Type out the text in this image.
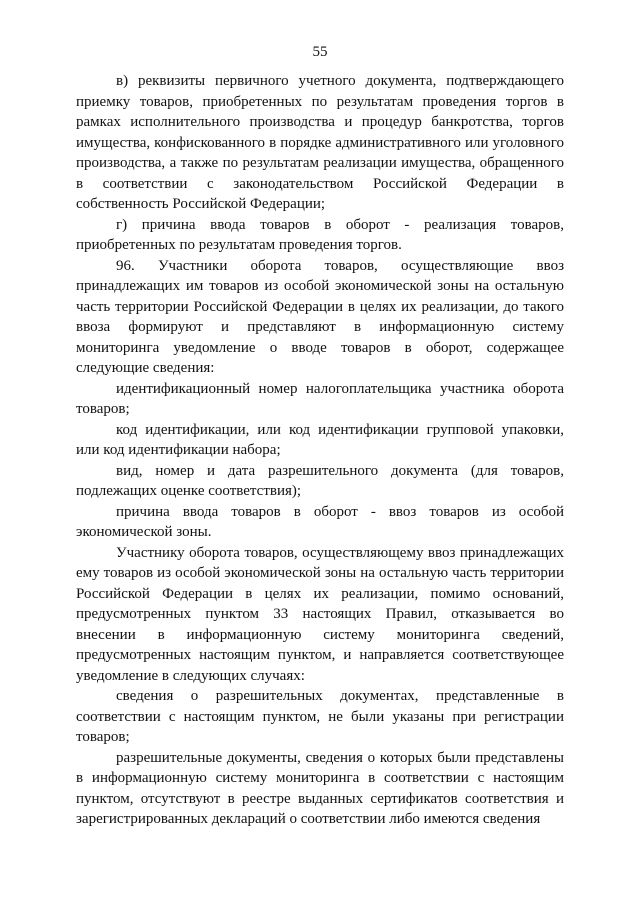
55

в) реквизиты первичного учетного документа, подтверждающего приемку товаров, приобретенных по результатам проведения торгов в рамках исполнительного производства и процедур банкротства, торгов имущества, конфискованного в порядке административного или уголовного производства, а также по результатам реализации имущества, обращенного в соответствии с законодательством Российской Федерации в собственность Российской Федерации;

г) причина ввода товаров в оборот - реализация товаров, приобретенных по результатам проведения торгов.

96. Участники оборота товаров, осуществляющие ввоз принадлежащих им товаров из особой экономической зоны на остальную часть территории Российской Федерации в целях их реализации, до такого ввоза формируют и представляют в информационную систему мониторинга уведомление о вводе товаров в оборот, содержащее следующие сведения:

идентификационный номер налогоплательщика участника оборота товаров;

код идентификации, или код идентификации групповой упаковки, или код идентификации набора;

вид, номер и дата разрешительного документа (для товаров, подлежащих оценке соответствия);

причина ввода товаров в оборот - ввоз товаров из особой экономической зоны.

Участнику оборота товаров, осуществляющему ввоз принадлежащих ему товаров из особой экономической зоны на остальную часть территории Российской Федерации в целях их реализации, помимо оснований, предусмотренных пунктом 33 настоящих Правил, отказывается во внесении в информационную систему мониторинга сведений, предусмотренных настоящим пунктом, и направляется соответствующее уведомление в следующих случаях:

сведения о разрешительных документах, представленные в соответствии с настоящим пунктом, не были указаны при регистрации товаров;

разрешительные документы, сведения о которых были представлены в информационную систему мониторинга в соответствии с настоящим пунктом, отсутствуют в реестре выданных сертификатов соответствия и зарегистрированных деклараций о соответствии либо имеются сведения
